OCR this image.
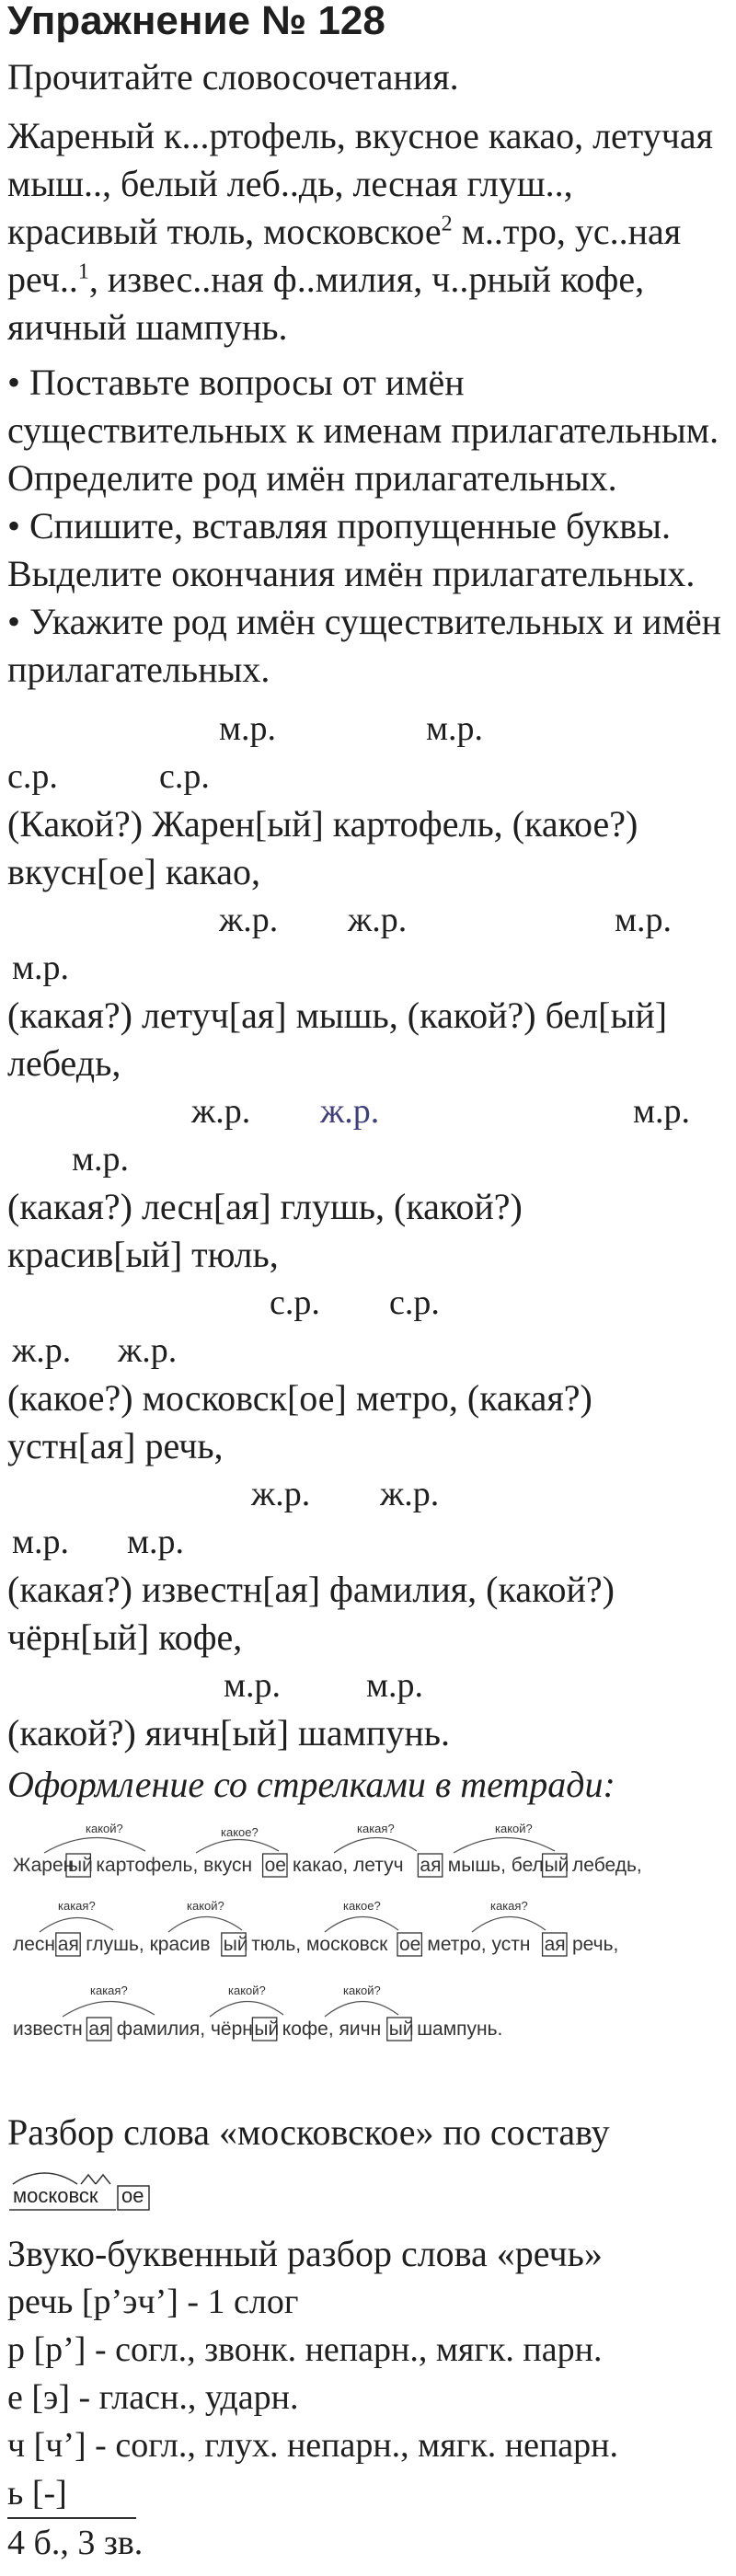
Упражнение № 128

Прочитайте словосочетания.

Жареный к...ртофель, вкусное какао, летучая мыш.., белый леб..дь, лесная глуш.., красивый тюль, московское$^2$ м..тро, ус..ная реч..$^1$, извес..ная ф..милия, ч..рный кофе, яичный шампунь.

• Поставьте вопросы от имён существительных к именам прилагательным. Определите род имён прилагательных.

• Спишите, вставляя пропущенные буквы. Выделите окончания имён прилагательных.

• Укажите род имён существительных и имён прилагательных.

м.р.	м.р.
с.р.	с.р.
(Какой?) Жарен[ый] картофель, (какое?)
вкусн[ое] какао,
ж.р. ж.р.	м.р.
м.р.
(какая?) летуч[ая] мышь, (какой?) бел[ый]
лебедь,
ж.р. ж.р.	м.р.
м.р.
(какая?) лесн[ая] глушь, (какой?)
красив[ый] тюль,
с.р. с.р.
ж.р. ж.р.
(какое?) московск[ое] метро, (какая?)
устн[ая] речь,
ж.р. ж.р.
м.р. м.р.
(какая?) известн[ая] фамилия, (какой?)
чёрн[ый] кофе,
м.р. м.р.
(какой?) яичн[ый] шампунь.
Оформление со стрелками в тетради:
какой?	какое?	какая?	какой?
какая?	какой?	какое?	какая?
какая?	какой?	какой?
Жарен
ый картофель, вкусн ое какао, летуч ая мышь, бел ый лебедь,
лесн ая глушь, красив ый тюль, московск ое метро, устн ая речь,
известн ая фамилия, чёрн ый кофе, яичн ый шампунь.
Разбор слова «московское» по составу
московск ое
Звуко-буквенный разбор слова «речь»
речь [р’эч’] - 1 слог
р [р’] - согл., звонк. непарн., мягк. парн.
е [э] - гласн., ударн.
ч [ч’] - согл., глух. непарн., мягк. непарн.
ь [-]
4 б., 3 зв.
